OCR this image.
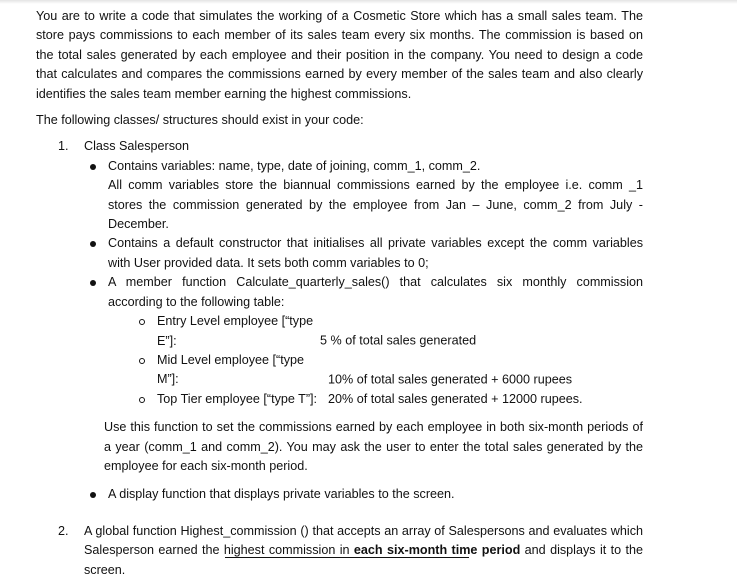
You are to write a code that simulates the working of a Cosmetic Store which has a small sales team. The store pays commissions to each member of its sales team every six months. The commission is based on the total sales generated by each employee and their position in the company. You need to design a code that calculates and compares the commissions earned by every member of the sales team and also clearly identifies the sales team member earning the highest commissions.

The following classes/ structures should exist in your code:

1. Class Salesperson
Contains variables: name, type, date of joining, comm_1, comm_2.
All comm variables store the biannual commissions earned by the employee i.e. comm _1 stores the commission generated by the employee from Jan – June, comm_2 from July - December.
Contains a default constructor that initialises all private variables except the comm variables with User provided data. It sets both comm variables to 0;
A member function Calculate_quarterly_sales() that calculates six monthly commission according to the following table:
Entry Level employee [“type E”]:	5 % of total sales generated
Mid Level employee [“type M”]:	10% of total sales generated + 6000 rupees
Top Tier employee [“type T”]: 20% of total sales generated + 12000 rupees.
Use this function to set the commissions earned by each employee in both six-month periods of a year (comm_1 and comm_2). You may ask the user to enter the total sales generated by the employee for each six-month period.
A display function that displays private variables to the screen.
2. A global function Highest_commission () that accepts an array of Salespersons and evaluates which Salesperson earned the highest commission in each six-month time period and displays it to the screen.
